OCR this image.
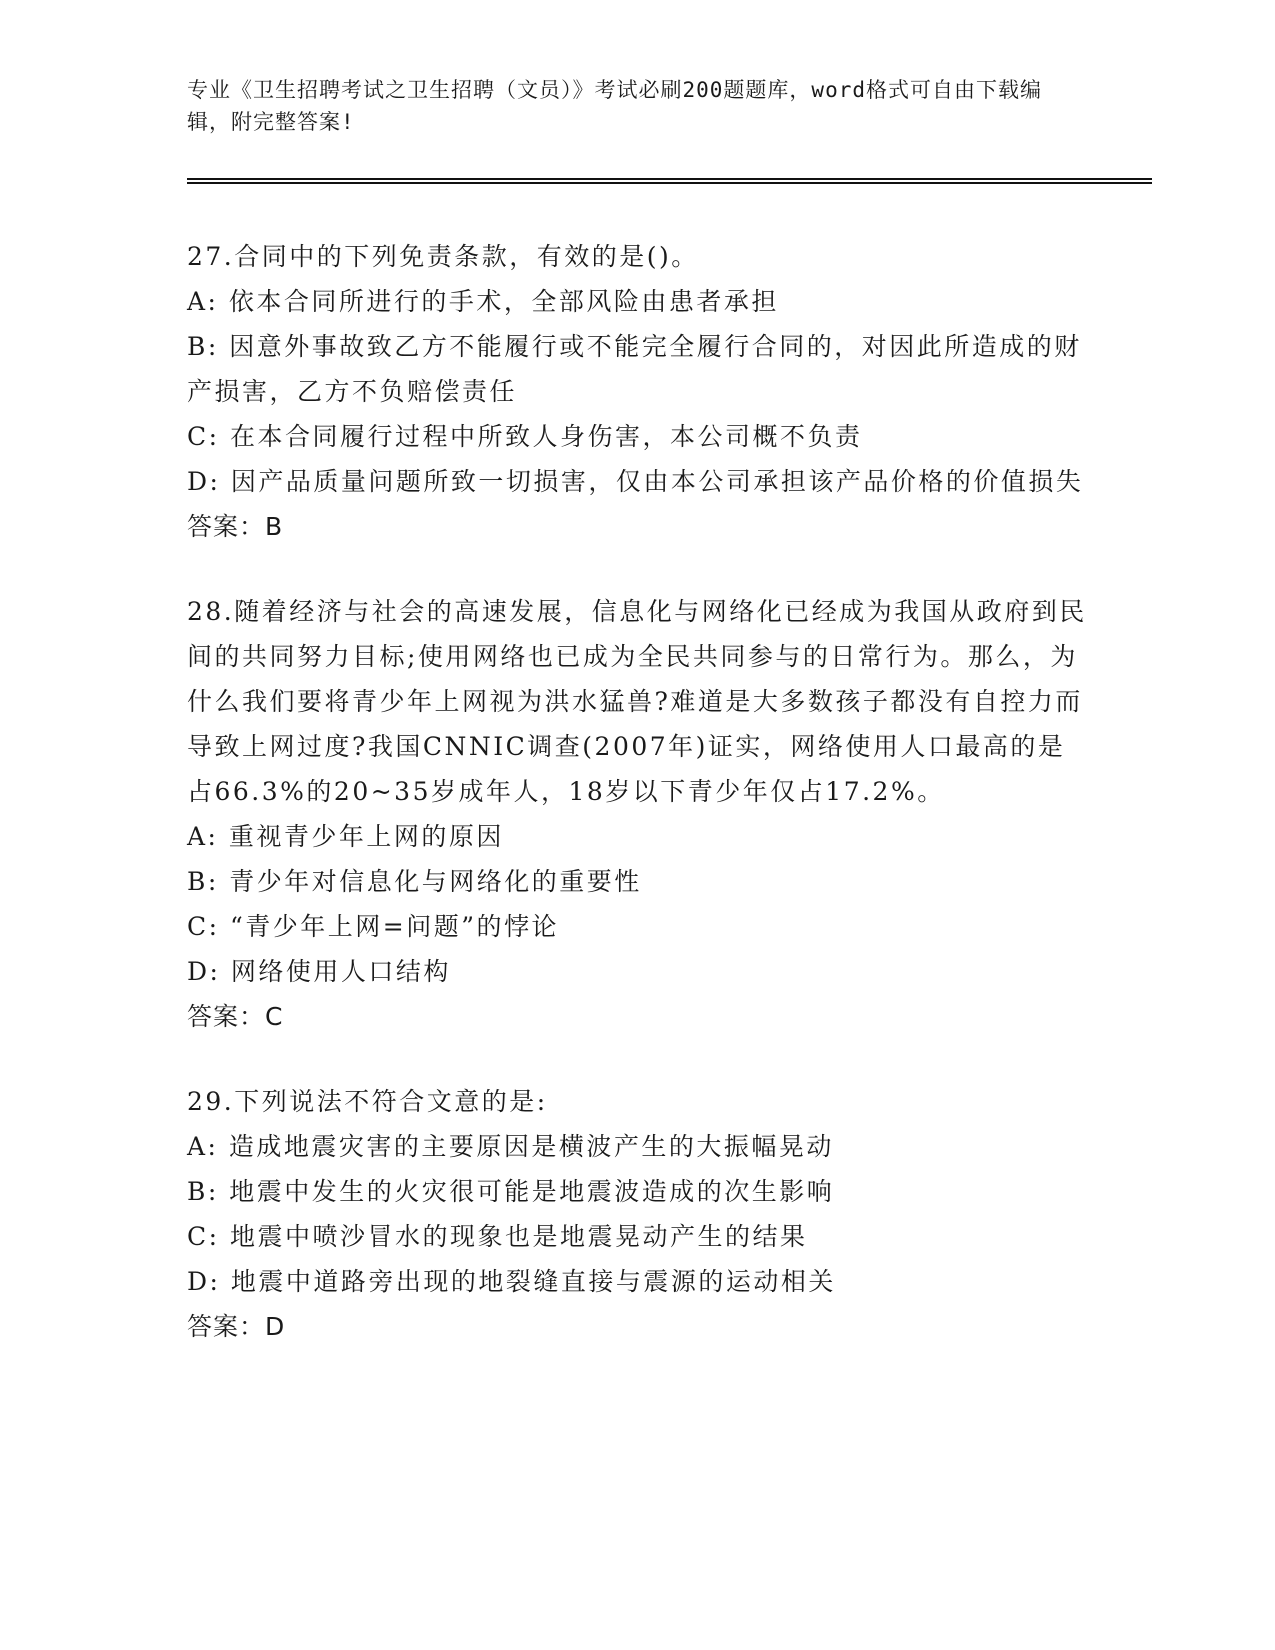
专业《卫生招聘考试之卫生招聘（文员）》考试必刷200题题库，word格式可自由下载编辑，附完整答案!

27.合同中的下列免责条款，有效的是()。

A: 依本合同所进行的手术，全部风险由患者承担

B: 因意外事故致乙方不能履行或不能完全履行合同的，对因此所造成的财产损害，乙方不负赔偿责任

C: 在本合同履行过程中所致人身伤害，本公司概不负责

D: 因产品质量问题所致一切损害，仅由本公司承担该产品价格的价值损失

答案：B

28.随着经济与社会的高速发展，信息化与网络化已经成为我国从政府到民间的共同努力目标;使用网络也已成为全民共同参与的日常行为。那么，为什么我们要将青少年上网视为洪水猛兽?难道是大多数孩子都没有自控力而导致上网过度?我国CNNIC调查(2007年)证实，网络使用人口最高的是占66.3%的20~35岁成年人，18岁以下青少年仅占17.2%。

A: 重视青少年上网的原因

B: 青少年对信息化与网络化的重要性

C: “青少年上网=问题”的悖论

D: 网络使用人口结构

答案：C

29.下列说法不符合文意的是:

A: 造成地震灾害的主要原因是横波产生的大振幅晃动

B: 地震中发生的火灾很可能是地震波造成的次生影响

C: 地震中喷沙冒水的现象也是地震晃动产生的结果

D: 地震中道路旁出现的地裂缝直接与震源的运动相关

答案：D
